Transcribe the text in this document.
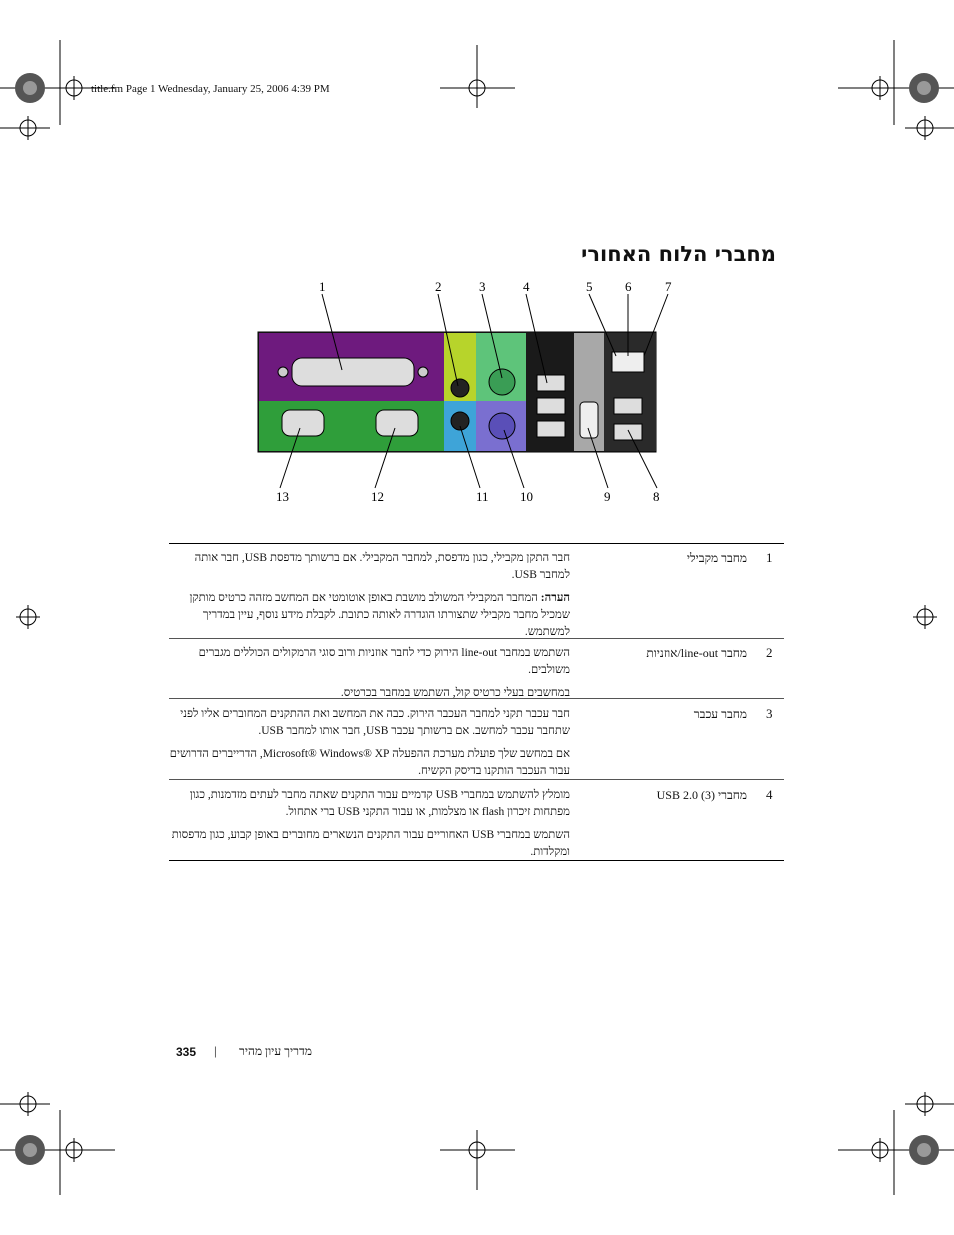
title.fm Page 1 Wednesday, January 25, 2006 4:39 PM
מחברי הלוח האחורי
1	2	3	4	5	6	7
13	12	11 10	9	8
1
מחבר מקבילי

חבר התקן מקבילי, כגון מדפסת, למחבר המקבילי. אם ברשותך מדפסת USB, חבר אותה למחבר USB.

הערה: המחבר המקבילי המשולב מושבת באופן אוטומטי אם המחשב מזהה כרטיס מותקן שמכיל מחבר מקבילי שתצורתו הוגדרה לאותה כתובת. לקבלת מידע נוסף, עיין במדריך למשתמש.

2
מחבר line-out/אוזניות

השתמש במחבר line-out הירוק כדי לחבר אוזניות ורוב סוגי הרמקולים הכוללים מגברים משולבים.

במחשבים בעלי כרטיס קול, השתמש במחבר בכרטיס.

3
מחבר עכבר

חבר עכבר תקני למחבר העכבר הירוק. כבה את המחשב ואת ההתקנים המחוברים אליו לפני שתחבר עכבר למחשב. אם ברשותך עכבר USB, חבר אותו למחבר USB.

אם במחשב שלך פועלת מערכת ההפעלה Microsoft® Windows® XP, הדרייברים הדרושים עבור העכבר הותקנו בדיסק הקשיח.

4
מחברי USB 2.0 (3)

מומלץ להשתמש במחברי USB קדמיים עבור התקנים שאתה מחבר לעתים מזדמנות, כגון מפתחות זיכרון flash או מצלמות, או עבור התקני USB ברי אתחול.

השתמש במחברי USB האחוריים עבור התקנים הנשארים מחוברים באופן קבוע, כגון מדפסות ומקלדות.

335 | מדריך עיון מהיר
